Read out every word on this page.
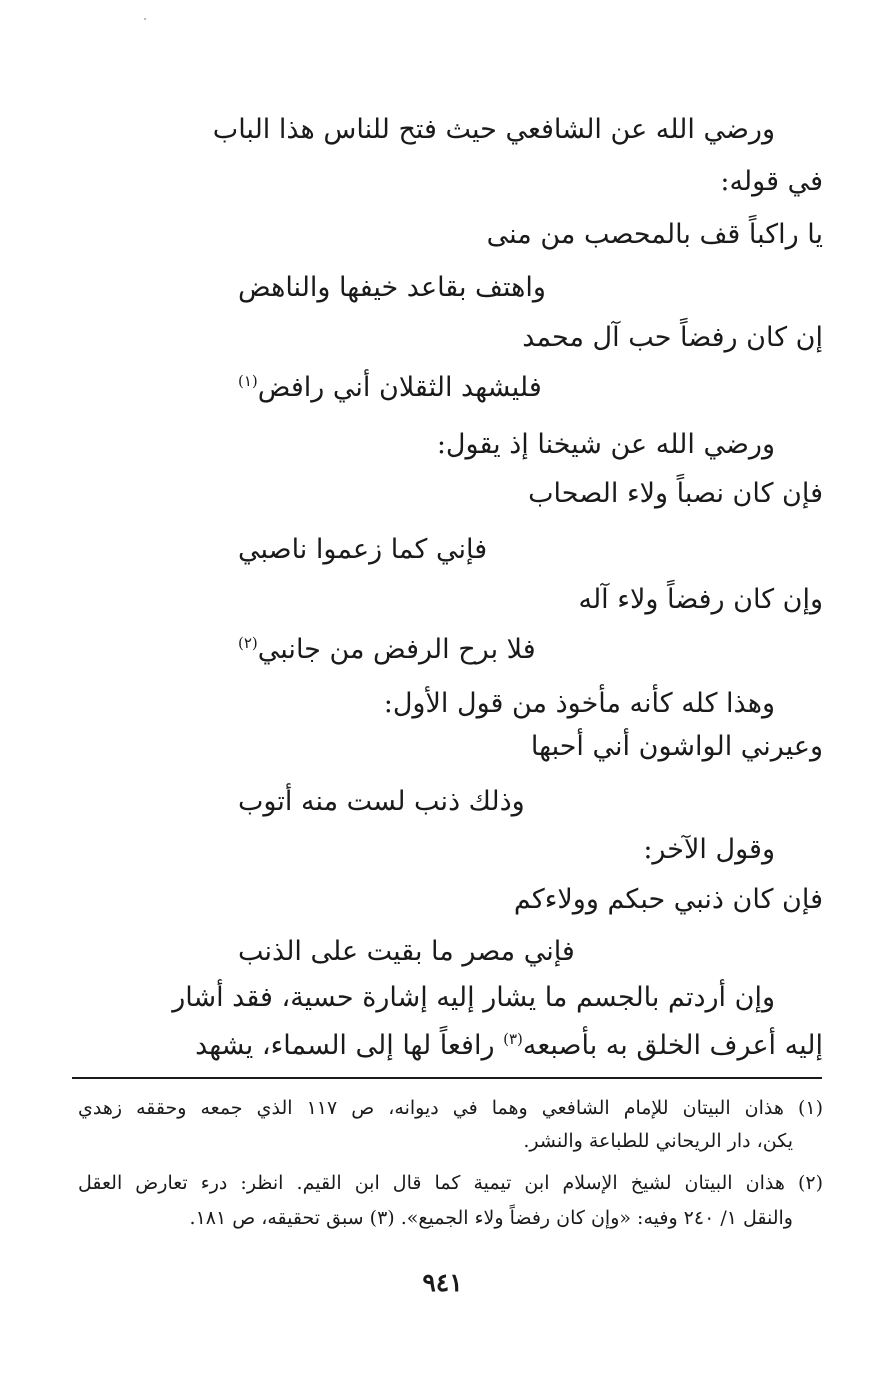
ورضي الله عن الشافعي حيث فتح للناس هذا الباب
في قوله:
يا راكباً قف بالمحصب من منى
واهتف بقاعد خيفها والناهض
إن كان رفضاً حب آل محمد
فليشهد الثقلان أني رافض$^{(١)}$
ورضي الله عن شيخنا إذ يقول:
فإن كان نصباً ولاء الصحاب
فإني كما زعموا ناصبي
وإن كان رفضاً ولاء آله
فلا برح الرفض من جانبي$^{(٢)}$
وهذا كله كأنه مأخوذ من قول الأول:
وعيرني الواشون أني أحبها
وذلك ذنب لست منه أتوب
وقول الآخر:
فإن كان ذنبي حبكم وولاءكم
فإني مصر ما بقيت على الذنب
وإن أردتم بالجسم ما يشار إليه إشارة حسية، فقد أشار
إليه أعرف الخلق به بأصبعه$^{(٣)}$ رافعاً لها إلى السماء، يشهد
(١) هذان البيتان للإمام الشافعي وهما في ديوانه، ص ١١٧ الذي جمعه وحققه زهدي
يكن، دار الريحاني للطباعة والنشر.
(٢) هذان البيتان لشيخ الإسلام ابن تيمية كما قال ابن القيم. انظر: درء تعارض العقل
والنقل ١/ ٢٤٠ وفيه: «وإن كان رفضاً ولاء الجميع». (٣) سبق تحقيقه، ص ١٨١.
٩٤١
